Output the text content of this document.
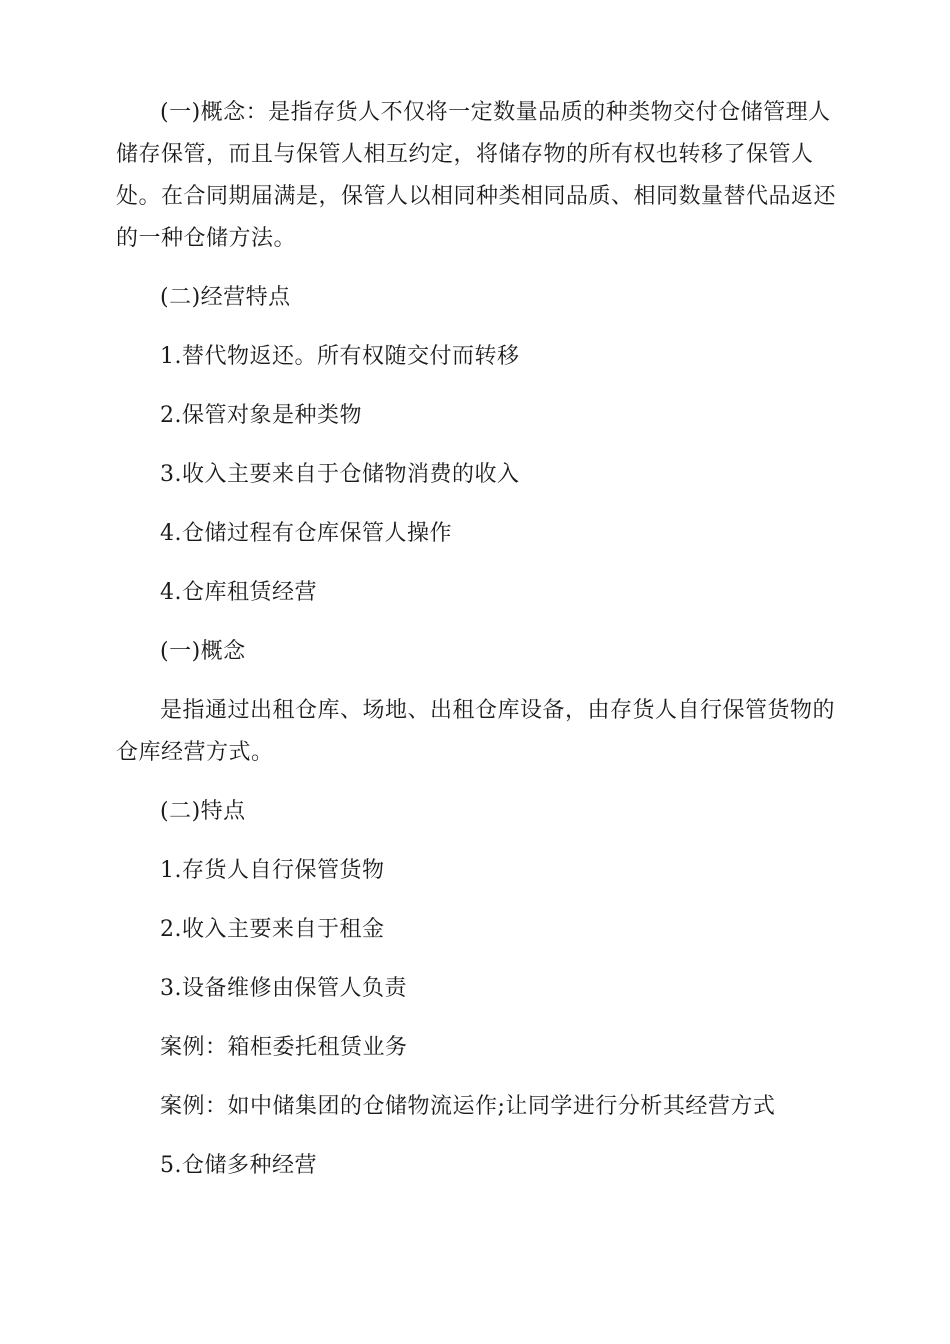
(一)概念：是指存货人不仅将一定数量品质的种类物交付仓储管理人储存保管，而且与保管人相互约定，将储存物的所有权也转移了保管人处。在合同期届满是，保管人以相同种类相同品质、相同数量替代品返还的一种仓储方法。

(二)经营特点

1.替代物返还。所有权随交付而转移

2.保管对象是种类物

3.收入主要来自于仓储物消费的收入

4.仓储过程有仓库保管人操作

4.仓库租赁经营

(一)概念

是指通过出租仓库、场地、出租仓库设备，由存货人自行保管货物的仓库经营方式。

(二)特点

1.存货人自行保管货物

2.收入主要来自于租金

3.设备维修由保管人负责

案例：箱柜委托租赁业务

案例：如中储集团的仓储物流运作;让同学进行分析其经营方式

5.仓储多种经营
